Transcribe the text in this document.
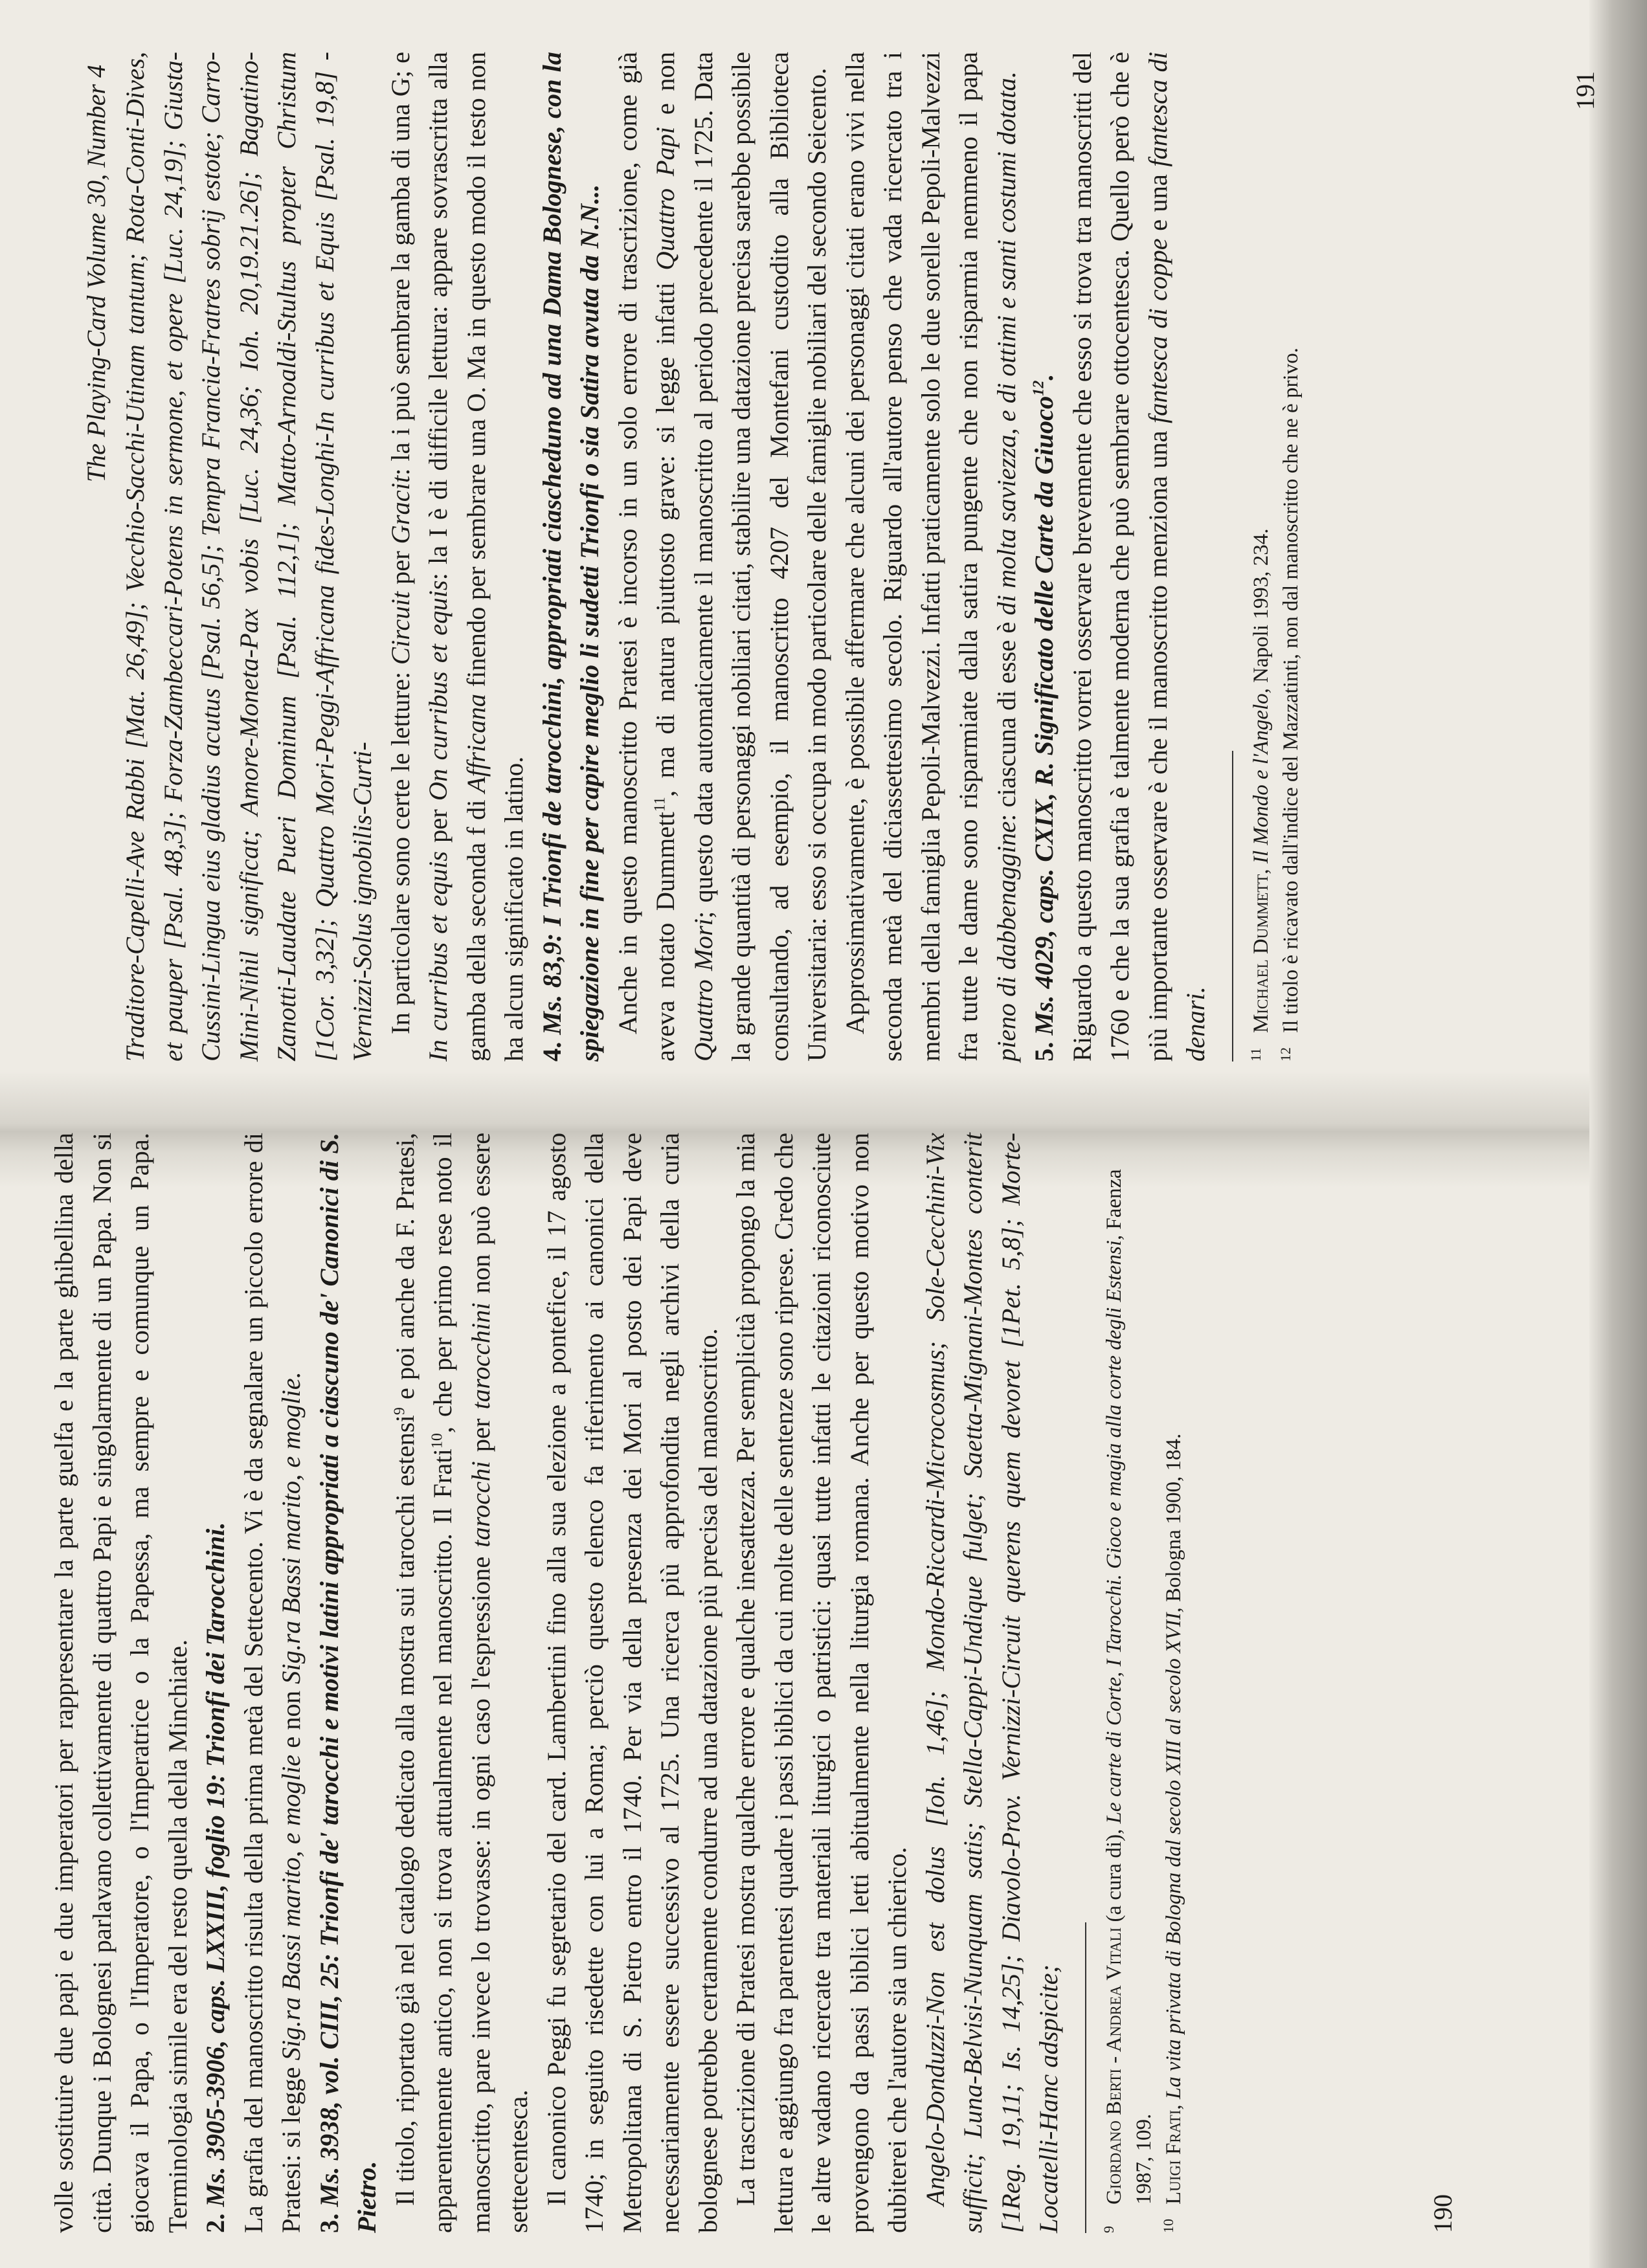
volle sostituire due papi e due imperatori per rappresentare la parte guelfa e la parte ghibellina della città. Dunque i Bolognesi parlavano collettivamente di quattro Papi e singolarmente di un Papa. Non si giocava il Papa, o l'Imperatore, o l'Imperatrice o la Papessa, ma sempre e comunque un Papa. Terminologia simile era del resto quella della Minchiate. 2. Ms. 3905-3906, caps. LXXIII, foglio 19: Trionfi dei Tarocchini. La grafia del manoscritto risulta della prima metà del Settecento. Vi è da segnalare un piccolo errore di Pratesi: si legge Sig.ra Bassi marito, e moglie e non Sig.ra Bassi marito, e moglie.

3. Ms. 3938, vol. CIII, 25: Trionfi de' tarocchi e motivi latini appropriati a ciascuno de' Canonici di S. Pietro. Il titolo, riportato già nel catalogo dedicato alla mostra sui tarocchi estensi$^9$ e poi anche da F. Pratesi, apparentemente antico, non si trova attualmente nel manoscritto. Il Frati$^{10}$, che per primo rese noto il manoscritto, pare invece lo trovasse: in ogni caso l'espressione tarocchi per tarocchini non può essere settecentesca. Il canonico Peggi fu segretario del card. Lambertini fino alla sua elezione a pontefice, il 17 agosto 1740; in seguito risedette con lui a Roma; perciò questo elenco fa riferimento ai canonici della Metropolitana di S. Pietro entro il 1740. Per via della presenza dei Mori al posto dei Papi deve necessariamente essere successivo al 1725. Una ricerca più approfondita negli archivi della curia bolognese potrebbe certamente condurre ad una datazione più precisa del manoscritto. La trascrizione di Pratesi mostra qualche errore e qualche inesattezza. Per semplicità propongo la mia lettura e aggiungo fra parentesi quadre i passi biblici da cui molte delle sentenze sono riprese. Credo che le altre vadano ricercate tra materiali liturgici o patristici: quasi tutte infatti le citazioni riconosciute provengono da passi biblici letti abitualmente nella liturgia romana. Anche per questo motivo non dubiterei che l'autore sia un chierico. Angelo-Donduzzi-Non est dolus [Ioh. 1,46]; Mondo-Riccardi-Microcosmus; Sole-Cecchini-Vix sufficit; Luna-Belvisi-Nunquam satis; Stella-Cappi-Undique fulget; Saetta-Mignani-Montes conterit [1Reg. 19,11; Is. 14,25]; Diavolo-Prov. Vernizzi-Circuit querens quem devoret [1Pet. 5,8]; Morte-Locatelli-Hanc adspicite;	9
Giordano Berti - Andrea Vitali (a cura di), Le carte di Corte, I Tarocchi. Gioco e magia alla corte degli Estensi, Faenza 1987, 109.
10
Luigi Frati, La vita privata di Bologna dal secolo XIII al secolo XVII, Bologna 1900, 184.
190
The Playing-Card Volume 30, Number 4 Traditore-Capelli-Ave Rabbi [Mat. 26,49]; Vecchio-Sacchi-Utinam tantum; Rota-Conti-Dives, et pauper [Psal. 48,3]; Forza-Zambeccari-Potens in sermone, et opere [Luc. 24,19]; Giusta-Cussini-Lingua eius gladius acutus [Psal. 56,5]; Tempra Francia-Fratres sobrij estote; Carro-Mini-Nihil significat; Amore-Moneta-Pax vobis [Luc. 24,36; Ioh. 20,19.21.26]; Bagatino-Zanotti-Laudate Pueri Dominum [Psal. 112,1]; Matto-Arnoaldi-Stultus propter Christum [1Cor. 3,32]; Quattro Mori-Peggi-Affricana fides-Longhi-In curribus et Equis [Psal. 19,8] -Vernizzi-Solus ignobilis-Curti- In particolare sono certe le letture: Circuit per Gracit: la i può sembrare la gamba di una G; e In curribus et equis per On curribus et equis: la I è di difficile lettura: appare sovrascritta alla gamba della seconda f di Affricana finendo per sembrare una O. Ma in questo modo il testo non ha alcun significato in latino. 4. Ms. 83,9: I Trionfi de tarocchini, appropriati ciascheduno ad una Dama Bolognese, con la spiegazione in fine per capire meglio li sudetti Trionfi o sia Satira avuta da N.N... Anche in questo manoscritto Pratesi è incorso in un solo errore di trascrizione, come già aveva notato Dummett$^{11}$, ma di natura piuttosto grave: si legge infatti Quattro Papi e non Quattro Mori; questo data automaticamente il manoscritto al periodo precedente il 1725. Data la grande quantità di personaggi nobiliari citati, stabilire una datazione precisa sarebbe possibile consultando, ad esempio, il manoscritto 4207 del Montefani custodito alla Biblioteca Universitaria: esso si occupa in modo particolare delle famiglie nobiliari del secondo Seicento. Approssimativamente, è possibile affermare che alcuni dei personaggi citati erano vivi nella seconda metà del diciassettesimo secolo. Riguardo all'autore penso che vada ricercato tra i membri della famiglia Pepoli-Malvezzi. Infatti praticamente solo le due sorelle Pepoli-Malvezzi fra tutte le dame sono risparmiate dalla satira pungente che non risparmia nemmeno il papa pieno di dabbenaggine: ciascuna di esse è di molta saviezza, e di ottimi e santi costumi dotata.

5. Ms. 4029, caps. CXIX, R. Significato delle Carte da Giuoco$^{12}$. Riguardo a questo manoscritto vorrei osservare brevemente che esso si trova tra manoscritti del 1760 e che la sua grafia è talmente moderna che può sembrare ottocentesca. Quello però che è più importante osservare è che il manoscritto menziona una fantesca di coppe e una fantesca di denari.	11
Michael Dummett, Il Mondo e l'Angelo, Napoli 1993, 234.
12
Il titolo è ricavato dall'indice del Mazzatinti, non dal manoscritto che ne è privo.
191
